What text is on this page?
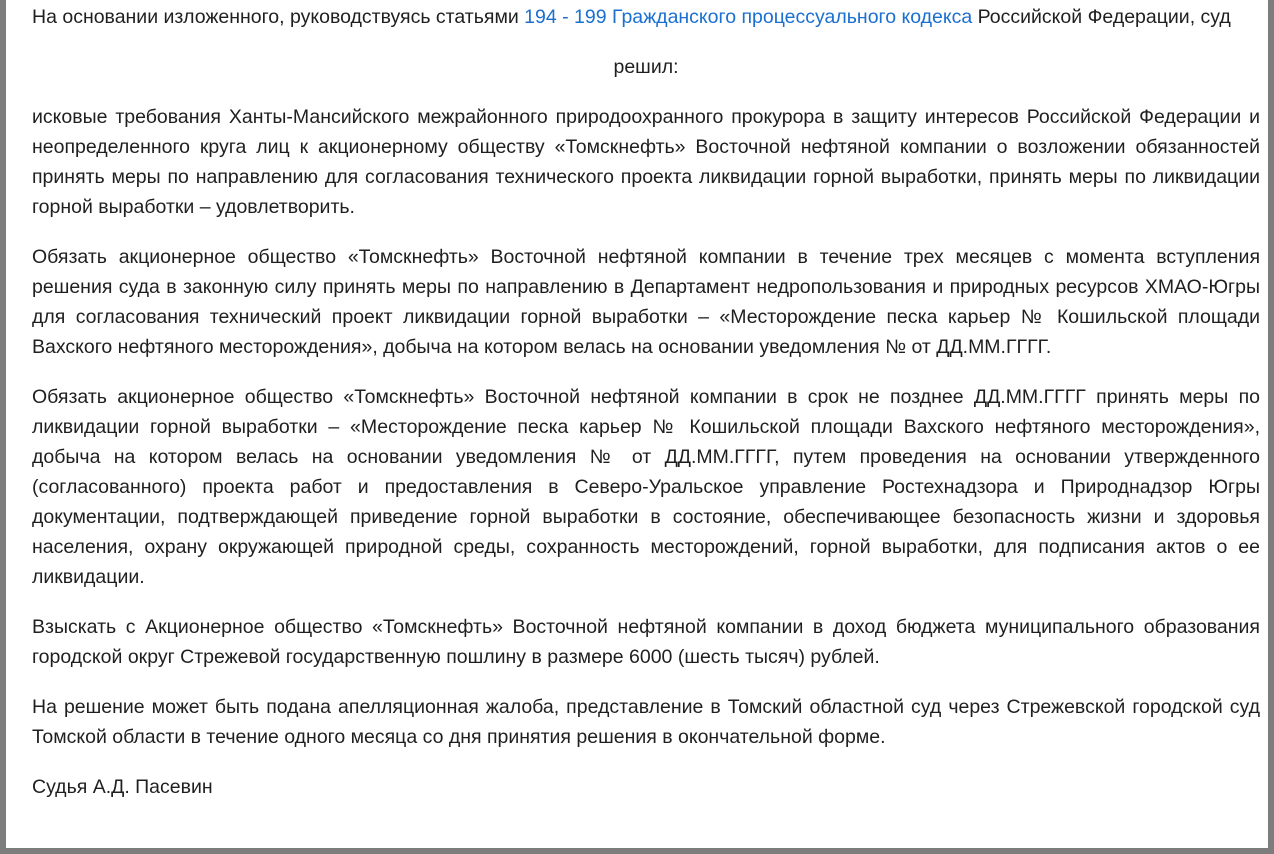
На основании изложенного, руководствуясь статьями 194 - 199 Гражданского процессуального кодекса Российской Федерации, суд

решил:

исковые требования Ханты-Мансийского межрайонного природоохранного прокурора в защиту интересов Российской Федерации и неопределенного круга лиц к акционерному обществу «Томскнефть» Восточной нефтяной компании о возложении обязанностей принять меры по направлению для согласования технического проекта ликвидации горной выработки, принять меры по ликвидации горной выработки – удовлетворить.

Обязать акционерное общество «Томскнефть» Восточной нефтяной компании в течение трех месяцев с момента вступления решения суда в законную силу принять меры по направлению в Департамент недропользования и природных ресурсов ХМАО-Югры для согласования технический проект ликвидации горной выработки – «Месторождение песка карьер № Кошильской площади Вахского нефтяного месторождения», добыча на котором велась на основании уведомления № от ДД.ММ.ГГГГ.

Обязать акционерное общество «Томскнефть» Восточной нефтяной компании в срок не позднее ДД.ММ.ГГГГ принять меры по ликвидации горной выработки – «Месторождение песка карьер № Кошильской площади Вахского нефтяного месторождения», добыча на котором велась на основании уведомления № от ДД.ММ.ГГГГ, путем проведения на основании утвержденного (согласованного) проекта работ и предоставления в Северо-Уральское управление Ростехнадзора и Природнадзор Югры документации, подтверждающей приведение горной выработки в состояние, обеспечивающее безопасность жизни и здоровья населения, охрану окружающей природной среды, сохранность месторождений, горной выработки, для подписания актов о ее ликвидации.

Взыскать с Акционерное общество «Томскнефть» Восточной нефтяной компании в доход бюджета муниципального образования городской округ Стрежевой государственную пошлину в размере 6000 (шесть тысяч) рублей.

На решение может быть подана апелляционная жалоба, представление в Томский областной суд через Стрежевской городской суд Томской области в течение одного месяца со дня принятия решения в окончательной форме.

Судья А.Д. Пасевин
